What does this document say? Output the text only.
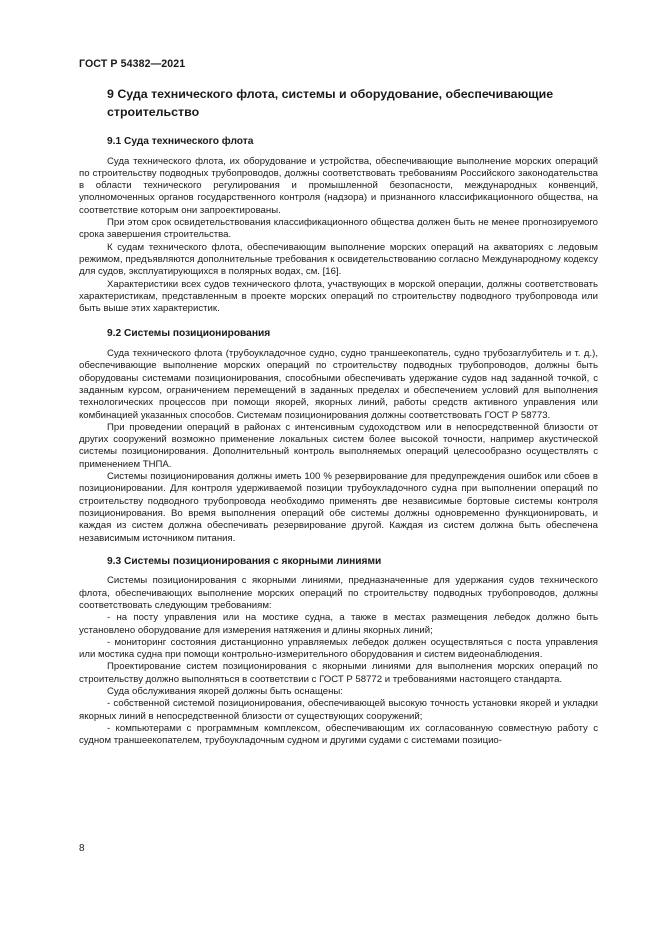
ГОСТ Р 54382—2021
9 Суда технического флота, системы и оборудование, обеспечивающие строительство
9.1 Суда технического флота

Суда технического флота, их оборудование и устройства, обеспечивающие выполнение морских операций по строительству подводных трубопроводов, должны соответствовать требованиям Российского законодательства в области технического регулирования и промышленной безопасности, международных конвенций, уполномоченных органов государственного контроля (надзора) и признанного классификационного общества, на соответствие которым они запроектированы.

При этом срок освидетельствования классификационного общества должен быть не менее прогнозируемого срока завершения строительства.

К судам технического флота, обеспечивающим выполнение морских операций на акваториях с ледовым режимом, предъявляются дополнительные требования к освидетельствованию согласно Международному кодексу для судов, эксплуатирующихся в полярных водах, см. [16].

Характеристики всех судов технического флота, участвующих в морской операции, должны соответствовать характеристикам, представленным в проекте морских операций по строительству подводного трубопровода или быть выше этих характеристик.

9.2 Системы позиционирования

Суда технического флота (трубоукладочное судно, судно траншеекопатель, судно трубозаглубитель и т. д.), обеспечивающие выполнение морских операций по строительству подводных трубопроводов, должны быть оборудованы системами позиционирования, способными обеспечивать удержание судов над заданной точкой, с заданным курсом, ограничением перемещений в заданных пределах и обеспечением условий для выполнения технологических процессов при помощи якорей, якорных линий, работы средств активного управления или комбинацией указанных способов. Системам позиционирования должны соответствовать ГОСТ Р 58773.

При проведении операций в районах с интенсивным судоходством или в непосредственной близости от других сооружений возможно применение локальных систем более высокой точности, например акустической системы позиционирования. Дополнительный контроль выполняемых операций целесообразно осуществлять с применением ТНПА.

Системы позиционирования должны иметь 100 % резервирование для предупреждения ошибок или сбоев в позиционировании. Для контроля удерживаемой позиции трубоукладочного судна при выполнении операций по строительству подводного трубопровода необходимо применять две независимые бортовые системы контроля позиционирования. Во время выполнения операций обе системы должны одновременно функционировать, и каждая из систем должна обеспечивать резервирование другой. Каждая из систем должна быть обеспечена независимым источником питания.

9.3 Системы позиционирования с якорными линиями

Системы позиционирования с якорными линиями, предназначенные для удержания судов технического флота, обеспечивающих выполнение морских операций по строительству подводных трубопроводов, должны соответствовать следующим требованиям:

- на посту управления или на мостике судна, а также в местах размещения лебедок должно быть установлено оборудование для измерения натяжения и длины якорных линий;

- мониторинг состояния дистанционно управляемых лебедок должен осуществляться с поста управления или мостика судна при помощи контрольно-измерительного оборудования и систем видеонаблюдения.

Проектирование систем позиционирования с якорными линиями для выполнения морских операций по строительству должно выполняться в соответствии с ГОСТ Р 58772 и требованиями настоящего стандарта.

Суда обслуживания якорей должны быть оснащены:

- собственной системой позиционирования, обеспечивающей высокую точность установки якорей и укладки якорных линий в непосредственной близости от существующих сооружений;

- компьютерами с программным комплексом, обеспечивающим их согласованную совместную работу с судном траншеекопателем, трубоукладочным судном и другими судами с системами позицио-

8
